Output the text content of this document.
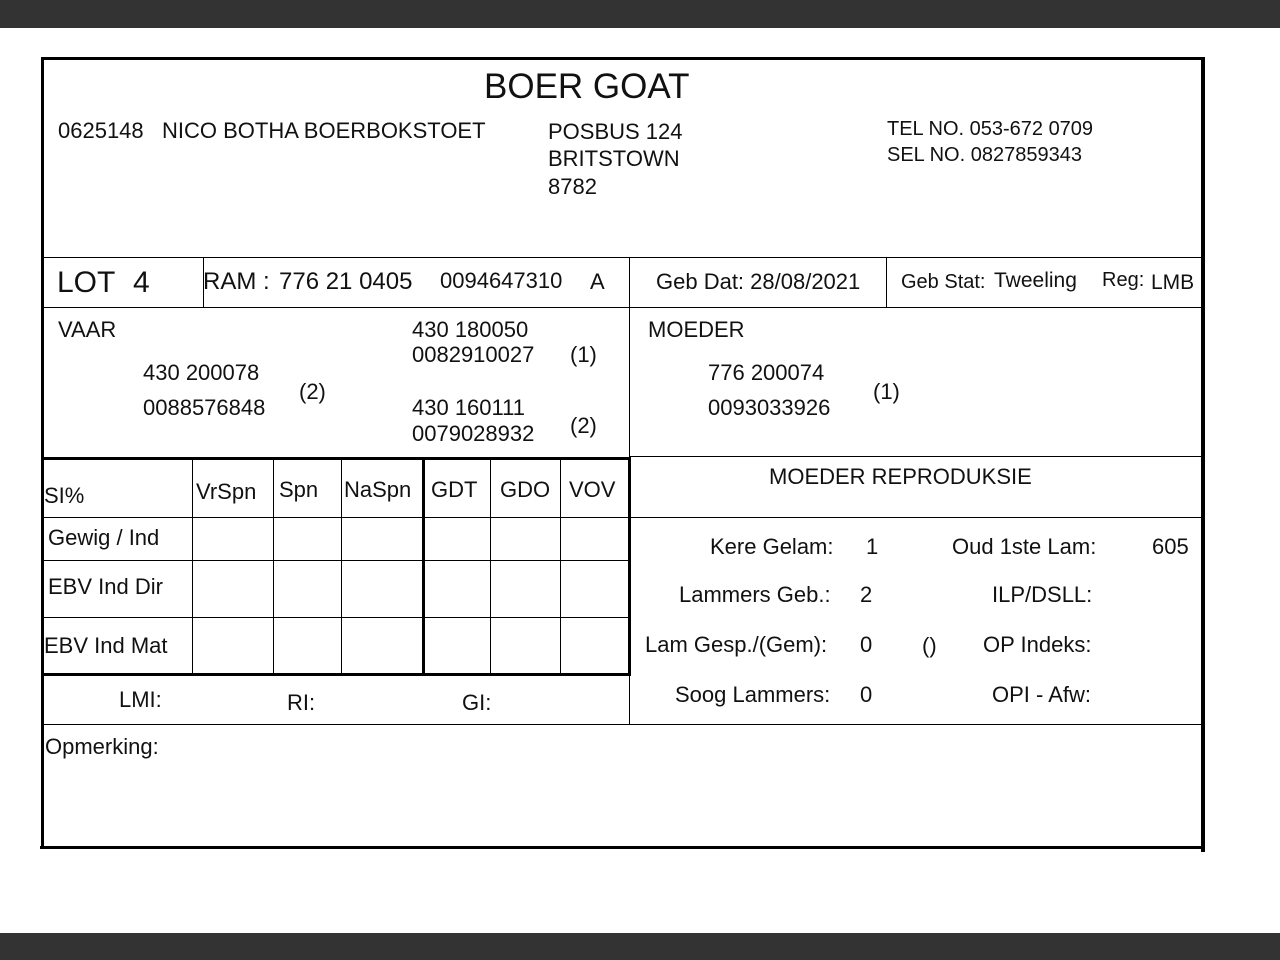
SI%	VrSpn Spn NaSpn GDT GDO VOV
Gewig / Ind
EBV Ind Dir
EBV Ind Mat
BOER GOAT
0625148 NICO BOTHA BOERBOKSTOET	POSBUS 124
BRITSTOWN
8782
TEL NO. 053-672 0709
SEL NO. 0827859343
LOT 4 RAM : 776 21 0405 0094647310 A Geb Dat: 28/08/2021 Geb Stat: Tweeling Reg: LMB
VAAR
430 200078
0088576848
(2)
430 180050
0082910027 (1)
430 160111
0079028932 (2)
MOEDER
776 200074
0093033926
(1)
LMI:	RI:	GI:
MOEDER REPRODUKSIE
Kere Gelam: 1	Oud 1ste Lam:	605
Lammers Geb.: 2	ILP/DSLL:
Lam Gesp./(Gem): 0 () OP Indeks:
Soog Lammers: 0	OPI - Afw:
Opmerking:
